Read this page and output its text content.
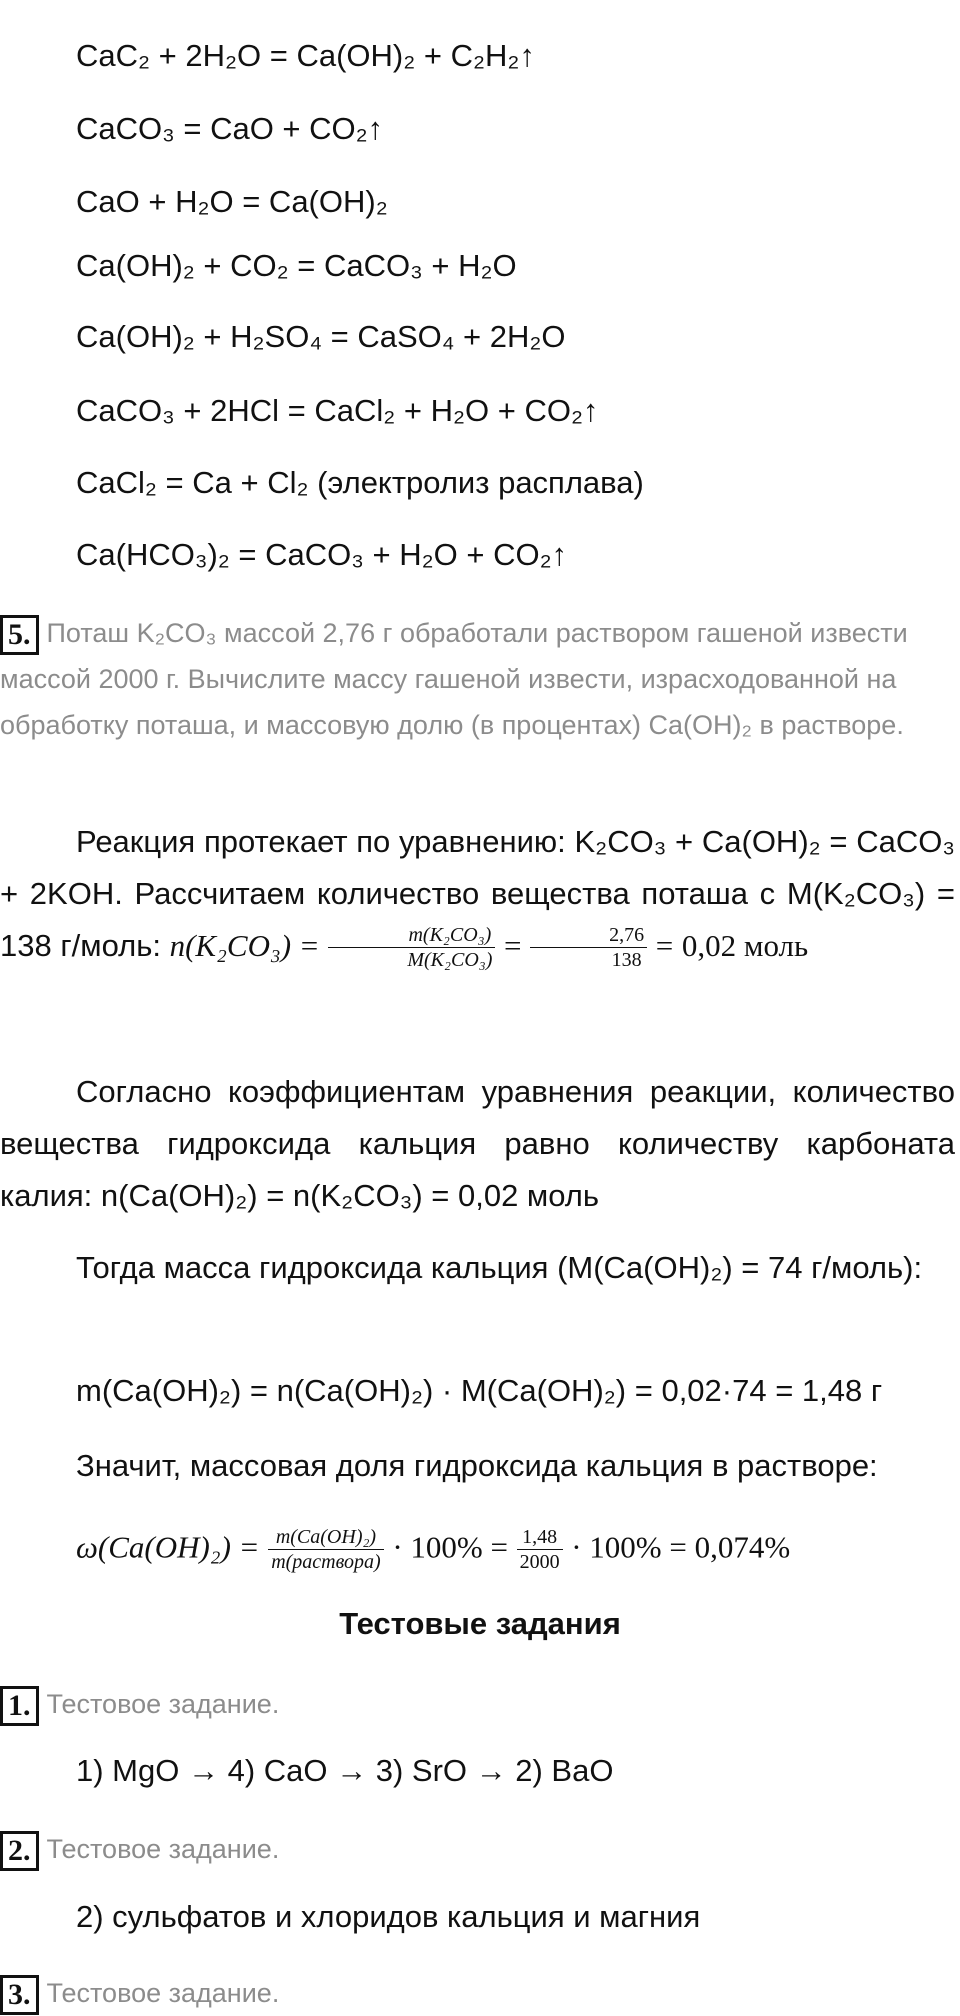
CaC₂ + 2H₂O = Ca(OH)₂ + C₂H₂↑
CaCO₃ = CaO + CO₂↑
CaO + H₂O = Ca(OH)₂
Ca(OH)₂ + CO₂ = CaCO₃ + H₂O
Ca(OH)₂ + H₂SO₄ = CaSO₄ + 2H₂O
CaCO₃ + 2HCl = CaCl₂ + H₂O + CO₂↑
CaCl₂ = Ca + Cl₂ (электролиз расплава)
Ca(HCO₃)₂ = CaCO₃ + H₂O + CO₂↑
5. Поташ K₂CO₃ массой 2,76 г обработали раствором гашеной извести массой 2000 г. Вычислите массу гашеной извести, израсходованной на обработку поташа, и массовую долю (в процентах) Ca(OH)₂ в растворе.
Реакция протекает по уравнению: K₂CO₃ + Ca(OH)₂ = CaCO₃ + 2KOH. Рассчитаем количество вещества поташа с M(K₂CO₃) = 138 г/моль: $n(K_2CO_3) = \frac{\text{m(K₂CO₃)}}{\text{M(K₂CO₃)}} = \frac{2,76}{138} = 0,02$ моль
Согласно коэффициентам уравнения реакции, количество вещества гидроксида кальция равно количеству карбоната калия: n(Ca(OH)₂) = n(K₂CO₃) = 0,02 моль
Тогда масса гидроксида кальция (M(Ca(OH)₂) = 74 г/моль):
m(Ca(OH)₂) = n(Ca(OH)₂) · M(Ca(OH)₂) = 0,02·74 = 1,48 г
Значит, массовая доля гидроксида кальция в растворе:
$\omega(Ca(OH)_2) = \frac{\text{m(Ca(OH)₂)}}{\text{m(раствора)}} \cdot 100\% = \frac{1,48}{2000} \cdot 100\% = 0,074\%$
Тестовые задания
1. Тестовое задание.
1) MgO → 4) CaO → 3) SrO → 2) BaO
2. Тестовое задание.
2) сульфатов и хлоридов кальция и магния
3. Тестовое задание.
